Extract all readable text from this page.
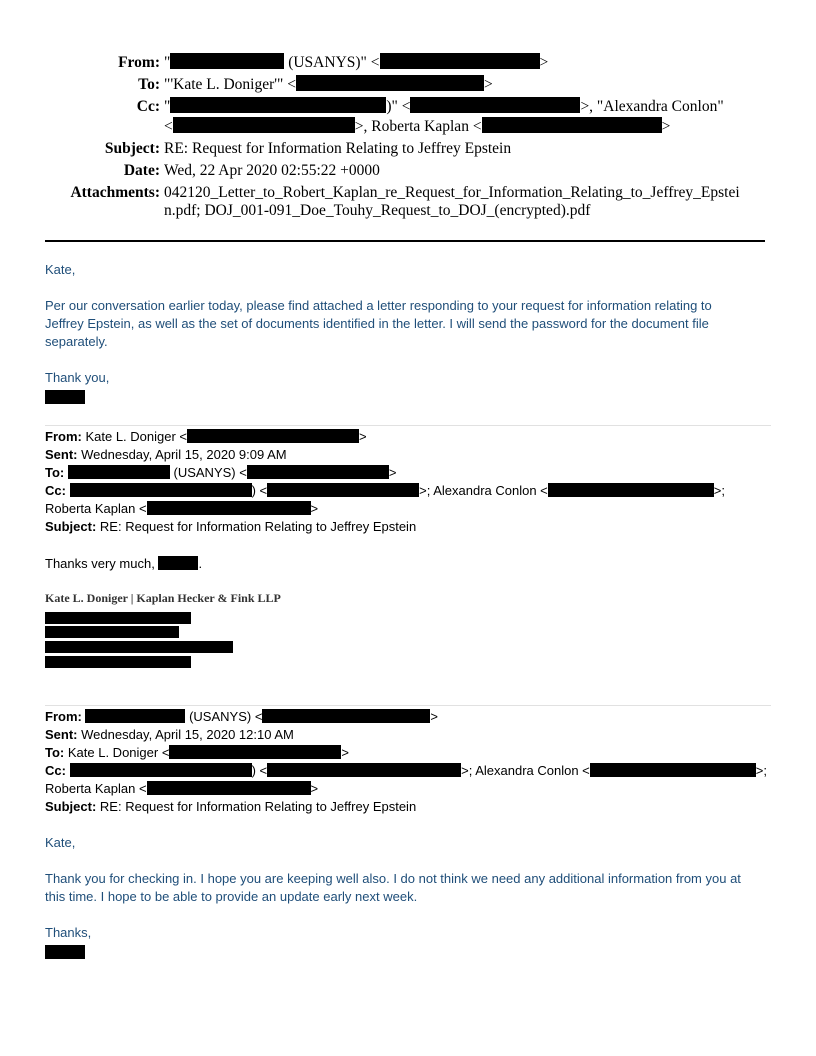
From: "	(USANYS)" <	>
To: "'Kate L. Doniger'" <	>
Cc: "	)" <	>, "Alexandra Conlon"
<	>, Roberta Kaplan <	>
Subject: RE: Request for Information Relating to Jeffrey Epstein
Date: Wed, 22 Apr 2020 02:55:22 +0000
Attachments: 042120_Letter_to_Robert_Kaplan_re_Request_for_Information_Relating_to_Jeffrey_Epstei
n.pdf; DOJ_001-091_Doe_Touhy_Request_to_DOJ_(encrypted).pdf
Kate,
Per our conversation earlier today, please find attached a letter responding to your request for information relating to
Jeffrey Epstein, as well as the set of documents identified in the letter. I will send the password for the document file
separately.
Thank you,
From: Kate L. Doniger <	>
Sent: Wednesday, April 15, 2020 9:09 AM
To:	(USANYS) <	>
Cc:	) <	>; Alexandra Conlon <	>;
Roberta Kaplan <	>
Subject: RE: Request for Information Relating to Jeffrey Epstein
Thanks very much,	.
Kate L. Doniger | Kaplan Hecker & Fink LLP
From:	(USANYS) <	>
Sent: Wednesday, April 15, 2020 12:10 AM
To: Kate L. Doniger <	>
Cc:	) <	>; Alexandra Conlon <	>;
Roberta Kaplan <	>
Subject: RE: Request for Information Relating to Jeffrey Epstein
Kate,
Thank you for checking in. I hope you are keeping well also. I do not think we need any additional information from you at
this time. I hope to be able to provide an update early next week.
Thanks,
